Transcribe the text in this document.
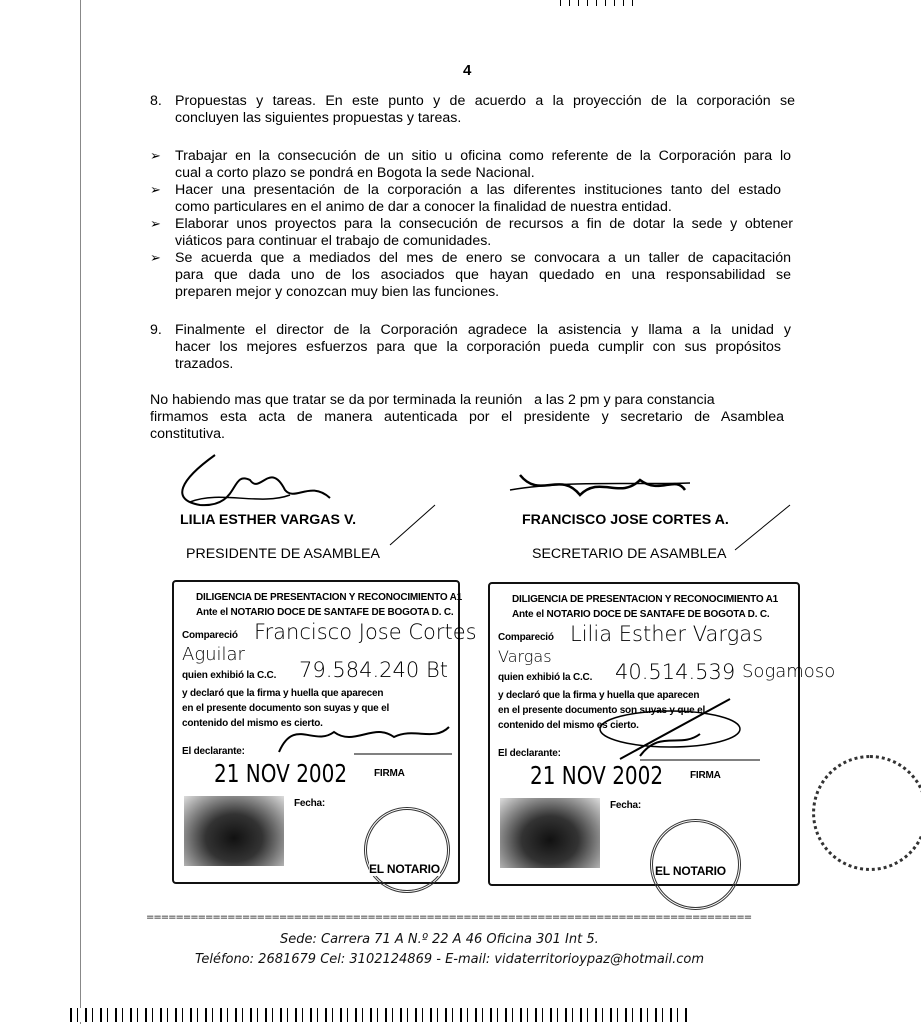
4
8. Propuestas y tareas. En este punto y de acuerdo a la proyección de la corporación se
concluyen las siguientes propuestas y tareas.
➢ Trabajar en la consecución de un sitio u oficina como referente de la Corporación para lo
cual a corto plazo se pondrá en Bogota la sede Nacional.
➢ Hacer una presentación de la corporación a las diferentes instituciones tanto del estado
como particulares en el animo de dar a conocer la finalidad de nuestra entidad.
➢ Elaborar unos proyectos para la consecución de recursos a fin de dotar la sede y obtener
viáticos para continuar el trabajo de comunidades.
➢ Se acuerda que a mediados del mes de enero se convocara a un taller de capacitación
para que dada uno de los asociados que hayan quedado en una responsabilidad se
preparen mejor y conozcan muy bien las funciones.
9. Finalmente el director de la Corporación agradece la asistencia y llama a la unidad y
hacer los mejores esfuerzos para que la corporación pueda cumplir con sus propósitos
trazados.
No habiendo mas que tratar se da por terminada la reunión   a las 2 pm y para constancia
firmamos esta acta de manera autenticada por el presidente y secretario de Asamblea
constitutiva.
LILIA ESTHER VARGAS V.
PRESIDENTE DE ASAMBLEA
FRANCISCO JOSE CORTES A.
SECRETARIO DE ASAMBLEA
DILIGENCIA DE PRESENTACION Y RECONOCIMIENTO A1
Ante el NOTARIO DOCE DE SANTAFE DE BOGOTA D. C.
Compareció Francisco Jose Cortes
Aguilar
quien exhibió la C.C. 79.584.240 Bt
y declaró que la firma y huella que aparecen
en el presente documento son suyas y que el
contenido del mismo es cierto.
El declarante:
21 NOV 2002	FIRMA
Fecha:
EL NOTARIO
DILIGENCIA DE PRESENTACION Y RECONOCIMIENTO A1
Ante el NOTARIO DOCE DE SANTAFE DE BOGOTA D. C.
Compareció Lilia Esther Vargas
Vargas
quien exhibió la C.C. 40.514.539 Sogamoso
y declaró que la firma y huella que aparecen
en el presente documento son suyas y que el
contenido del mismo es cierto.
El declarante:
21 NOV 2002	FIRMA
Fecha:
EL NOTARIO
==================================================================================
Sede: Carrera 71 A N.º 22 A 46 Oficina 301 Int 5.
Teléfono: 2681679 Cel: 3102124869 - E-mail: vidaterritorioypaz@hotmail.com
